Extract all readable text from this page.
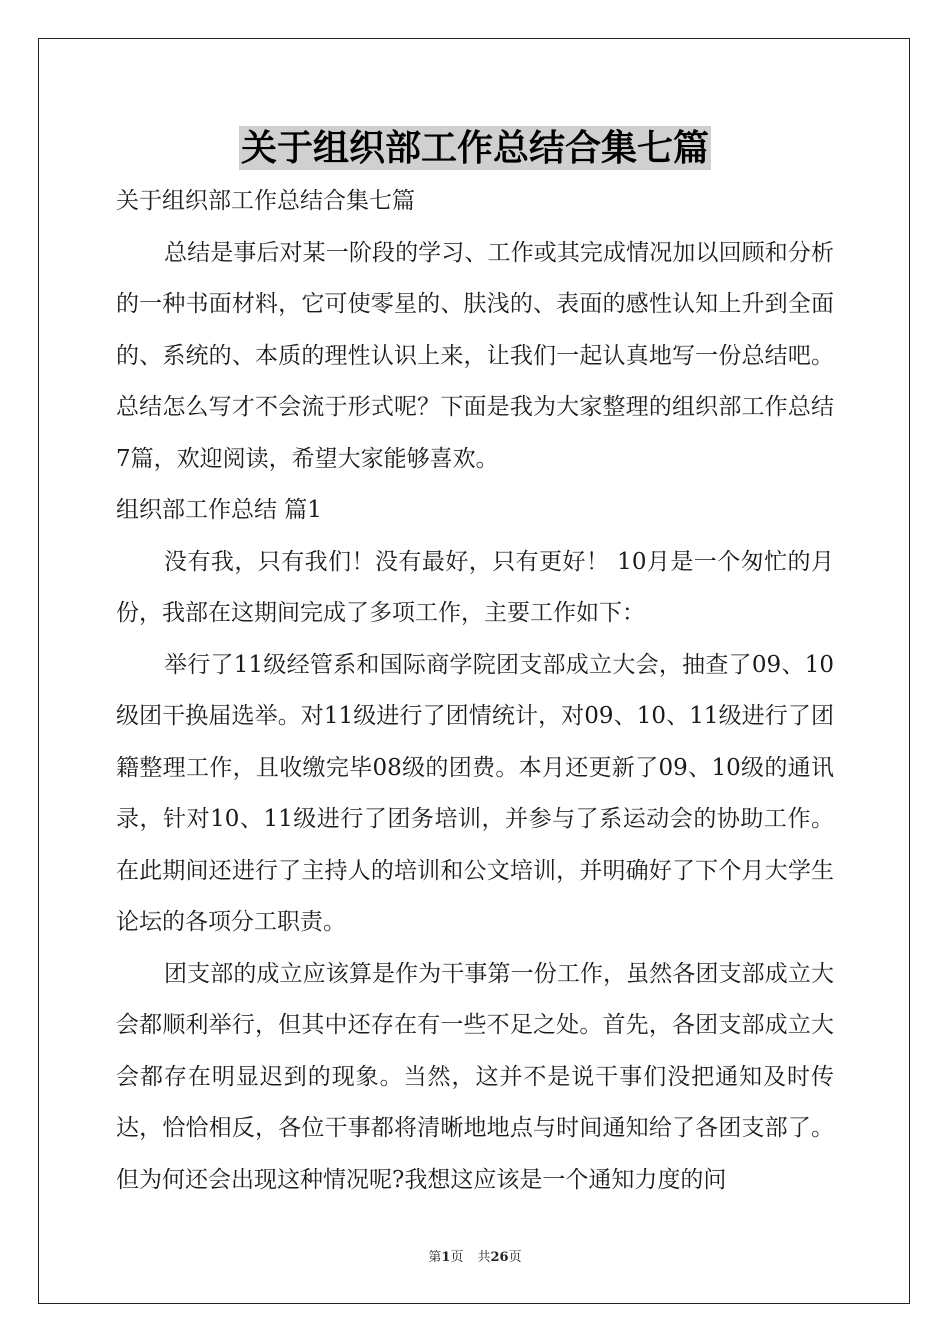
关于组织部工作总结合集七篇

关于组织部工作总结合集七篇

总结是事后对某一阶段的学习、工作或其完成情况加以回顾和分析的一种书面材料，它可使零星的、肤浅的、表面的感性认知上升到全面的、系统的、本质的理性认识上来，让我们一起认真地写一份总结吧。总结怎么写才不会流于形式呢？下面是我为大家整理的组织部工作总结7篇，欢迎阅读，希望大家能够喜欢。

组织部工作总结 篇1

没有我，只有我们！没有最好，只有更好！ 10月是一个匆忙的月份，我部在这期间完成了多项工作，主要工作如下：

举行了11级经管系和国际商学院团支部成立大会，抽查了09、10级团干换届选举。对11级进行了团情统计，对09、10、11级进行了团籍整理工作，且收缴完毕08级的团费。本月还更新了09、10级的通讯录，针对10、11级进行了团务培训，并参与了系运动会的协助工作。在此期间还进行了主持人的培训和公文培训，并明确好了下个月大学生论坛的各项分工职责。

团支部的成立应该算是作为干事第一份工作，虽然各团支部成立大会都顺利举行，但其中还存在有一些不足之处。首先，各团支部成立大会都存在明显迟到的现象。当然，这并不是说干事们没把通知及时传达，恰恰相反，各位干事都将清晰地地点与时间通知给了各团支部了。但为何还会出现这种情况呢?我想这应该是一个通知力度的问

第1页 共26页
